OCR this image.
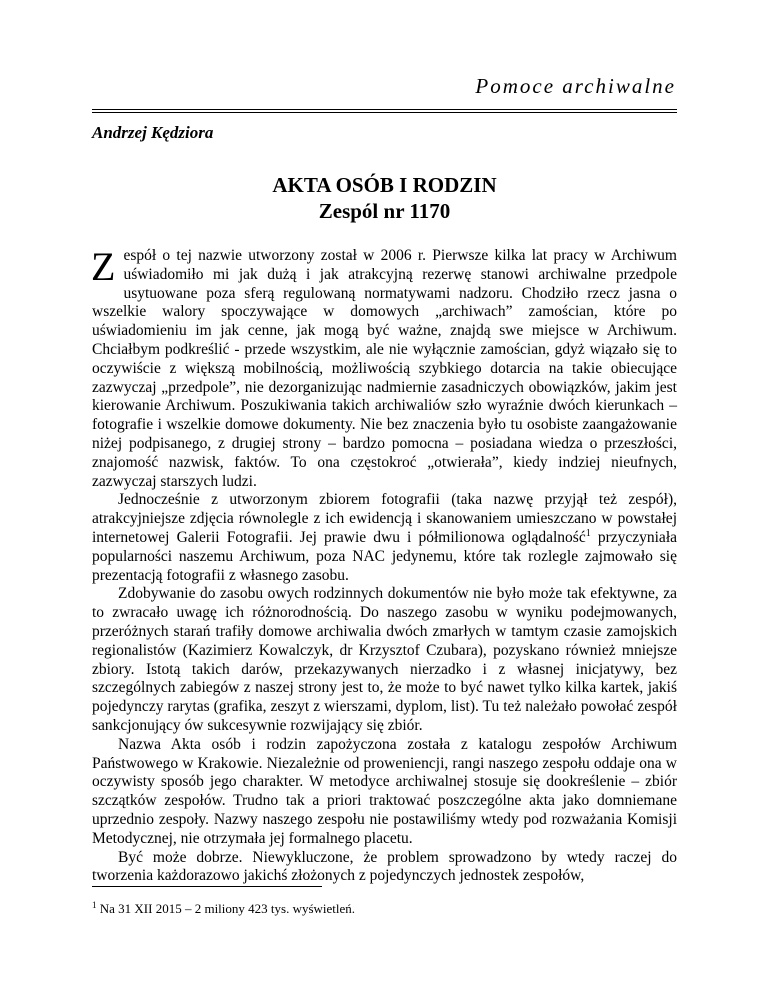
Pomoce archiwalne
Andrzej Kędziora
AKTA OSÓB I RODZIN
Zespól nr 1170

Zespół o tej nazwie utworzony został w 2006 r. Pierwsze kilka lat pracy w Archiwum uświadomiło mi jak dużą i jak atrakcyjną rezerwę stanowi archiwalne przedpole usytuowane poza sferą regulowaną normatywami nadzoru. Chodziło rzecz jasna o wszelkie walory spoczywające w domowych „archiwach” zamościan, które po uświadomieniu im jak cenne, jak mogą być ważne, znajdą swe miejsce w Archiwum. Chciałbym podkreślić - przede wszystkim, ale nie wyłącznie zamościan, gdyż wiązało się to oczywiście z większą mobilnością, możliwością szybkiego dotarcia na takie obiecujące zazwyczaj „przedpole”, nie dezorganizując nadmiernie zasadniczych obowiązków, jakim jest kierowanie Archiwum. Poszukiwania takich archiwaliów szło wyraźnie dwóch kierunkach – fotografie i wszelkie domowe dokumenty. Nie bez znaczenia było tu osobiste zaangażowanie niżej podpisanego, z drugiej strony – bardzo pomocna – posiadana wiedza o przeszłości, znajomość nazwisk, faktów. To ona częstokroć „otwierała”, kiedy indziej nieufnych, zazwyczaj starszych ludzi.

Jednocześnie z utworzonym zbiorem fotografii (taka nazwę przyjął też zespół), atrakcyjniejsze zdjęcia równolegle z ich ewidencją i skanowaniem umieszczano w powstałej internetowej Galerii Fotografii. Jej prawie dwu i półmilionowa oglądalność$^1$ przyczyniała popularności naszemu Archiwum, poza NAC jedynemu, które tak rozlegle zajmowało się prezentacją fotografii z własnego zasobu.

Zdobywanie do zasobu owych rodzinnych dokumentów nie było może tak efektywne, za to zwracało uwagę ich różnorodnością. Do naszego zasobu w wyniku podejmowanych, przeróżnych starań trafiły domowe archiwalia dwóch zmarłych w tamtym czasie zamojskich regionalistów (Kazimierz Kowalczyk, dr Krzysztof Czubara), pozyskano również mniejsze zbiory. Istotą takich darów, przekazywanych nierzadko i z własnej inicjatywy, bez szczególnych zabiegów z naszej strony jest to, że może to być nawet tylko kilka kartek, jakiś pojedynczy rarytas (grafika, zeszyt z wierszami, dyplom, list). Tu też należało powołać zespół sankcjonujący ów sukcesywnie rozwijający się zbiór.

Nazwa Akta osób i rodzin zapożyczona została z katalogu zespołów Archiwum Państwowego w Krakowie. Niezależnie od proweniencji, rangi naszego zespołu oddaje ona w oczywisty sposób jego charakter. W metodyce archiwalnej stosuje się dookreślenie – zbiór szczątków zespołów. Trudno tak a priori traktować poszczególne akta jako domniemane uprzednio zespoły. Nazwy naszego zespołu nie postawiliśmy wtedy pod rozważania Komisji Metodycznej, nie otrzymała jej formalnego placetu.

Być może dobrze. Niewykluczone, że problem sprowadzono by wtedy raczej do tworzenia każdorazowo jakichś złożonych z pojedynczych jednostek zespołów,

$^1$ Na 31 XII 2015 – 2 miliony 423 tys. wyświetleń.
